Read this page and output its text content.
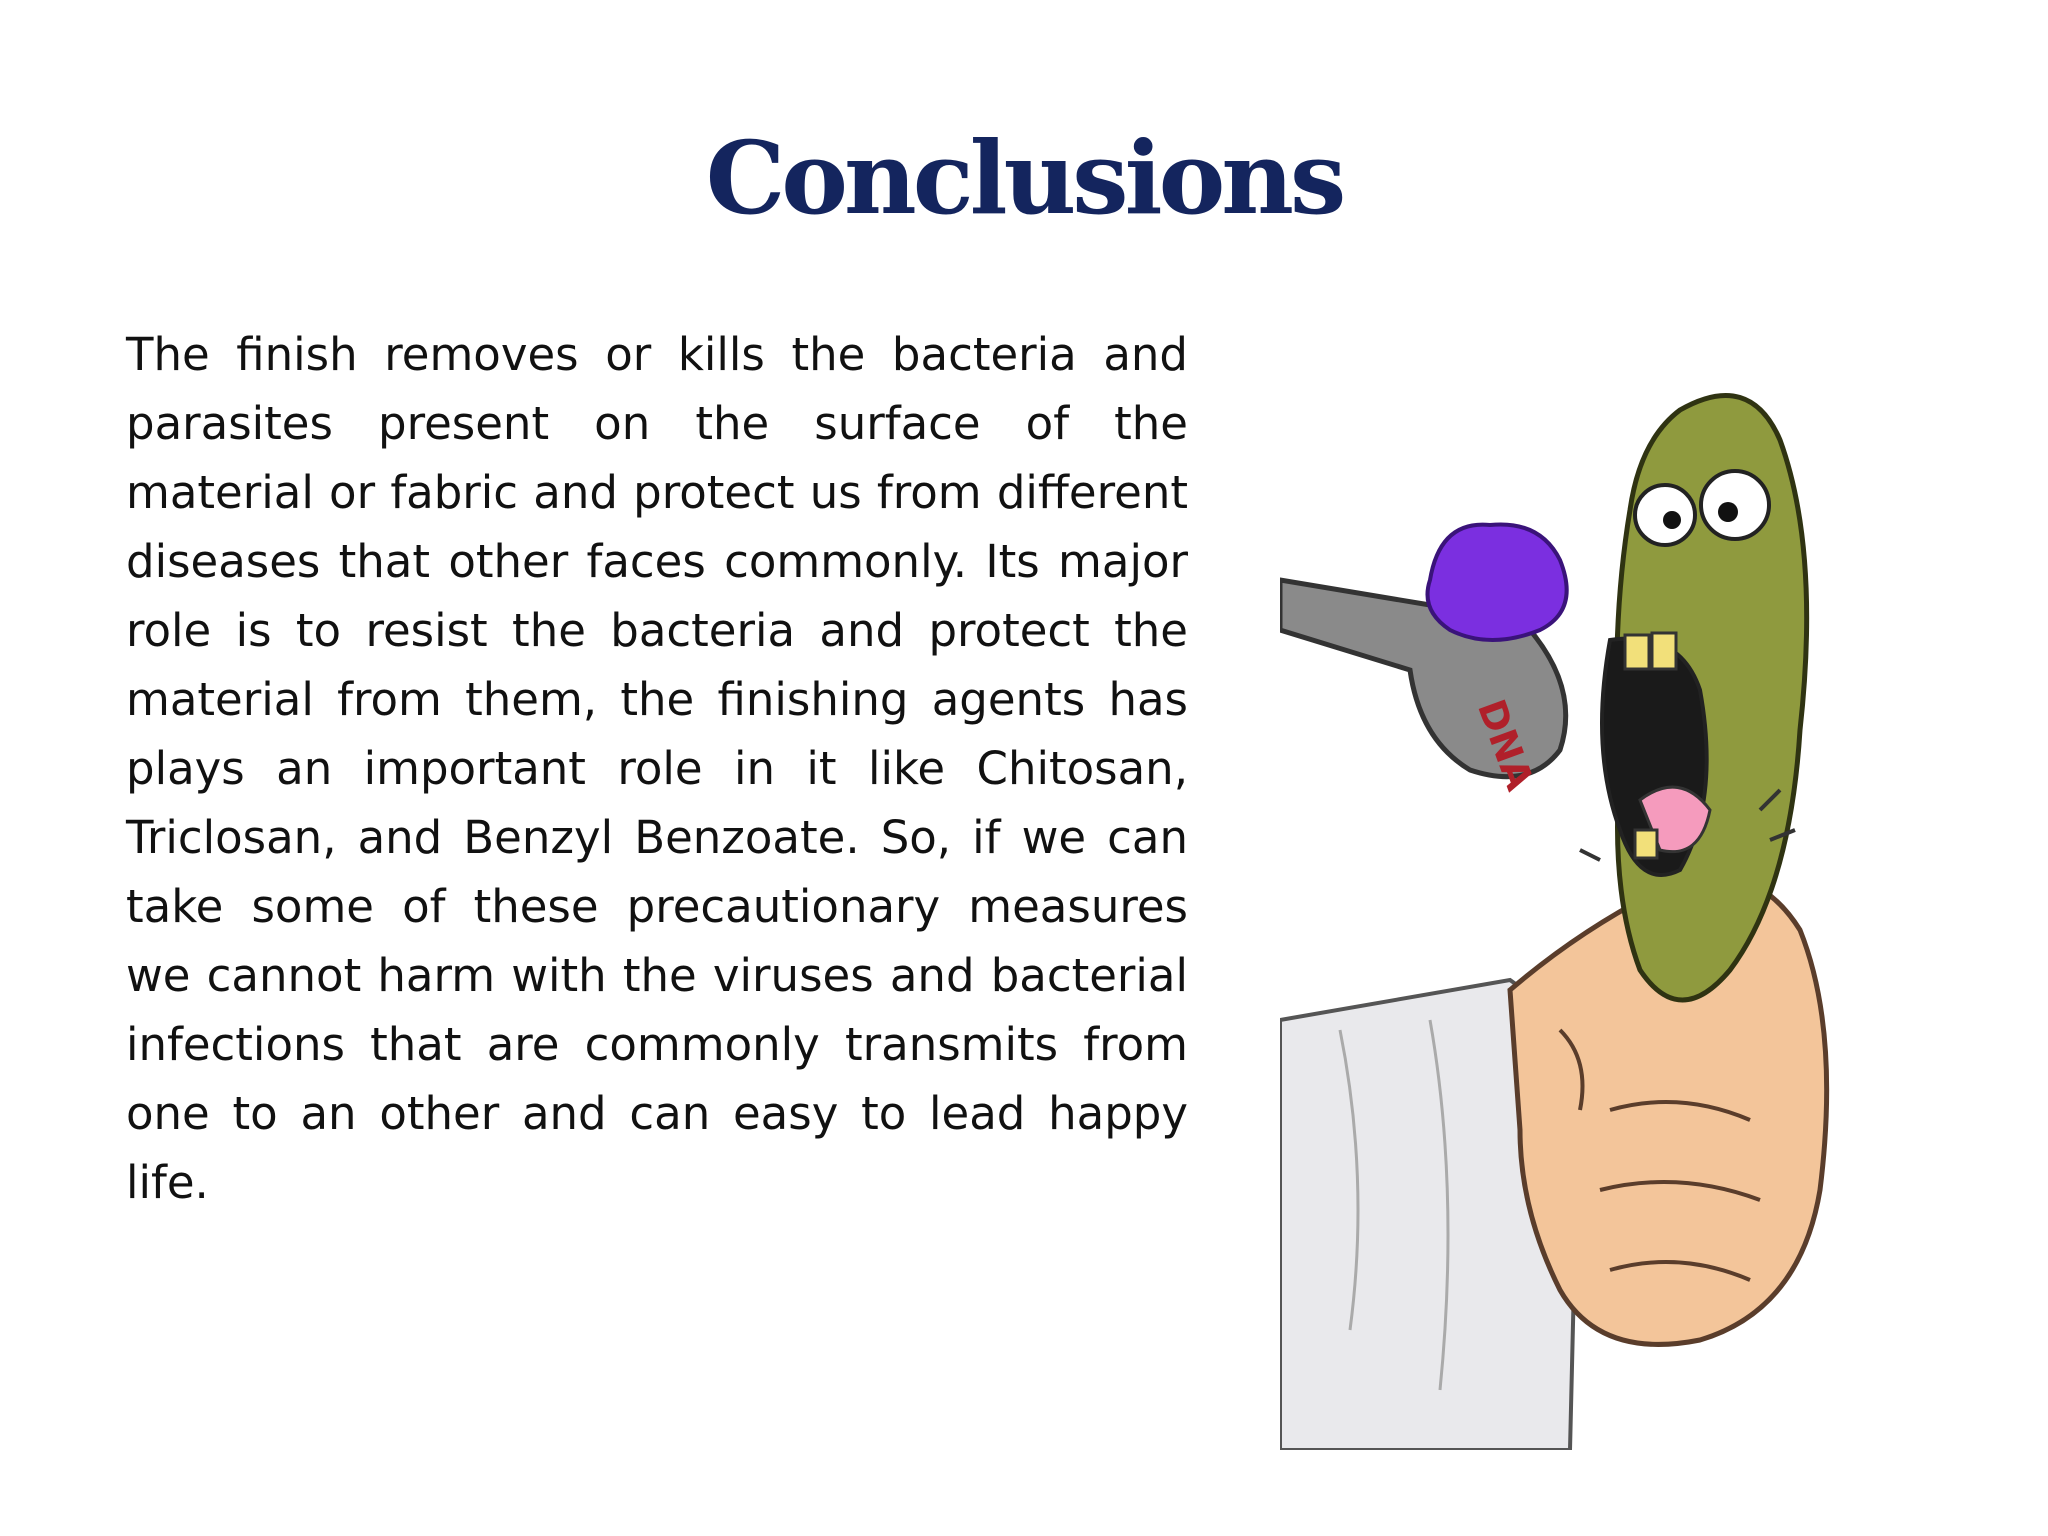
Conclusions

The finish removes or kills the bacteria and parasites present on the surface of the material or fabric and protect us from different diseases that other faces commonly. Its major role is to resist the bacteria and protect the material from them, the finishing agents has plays an important role in it like Chitosan, Triclosan, and Benzyl Benzoate. So, if we can take some of these precautionary measures we cannot harm with the viruses and bacterial infections that are commonly transmits from one to an other and can easy to lead happy life.

DNA
